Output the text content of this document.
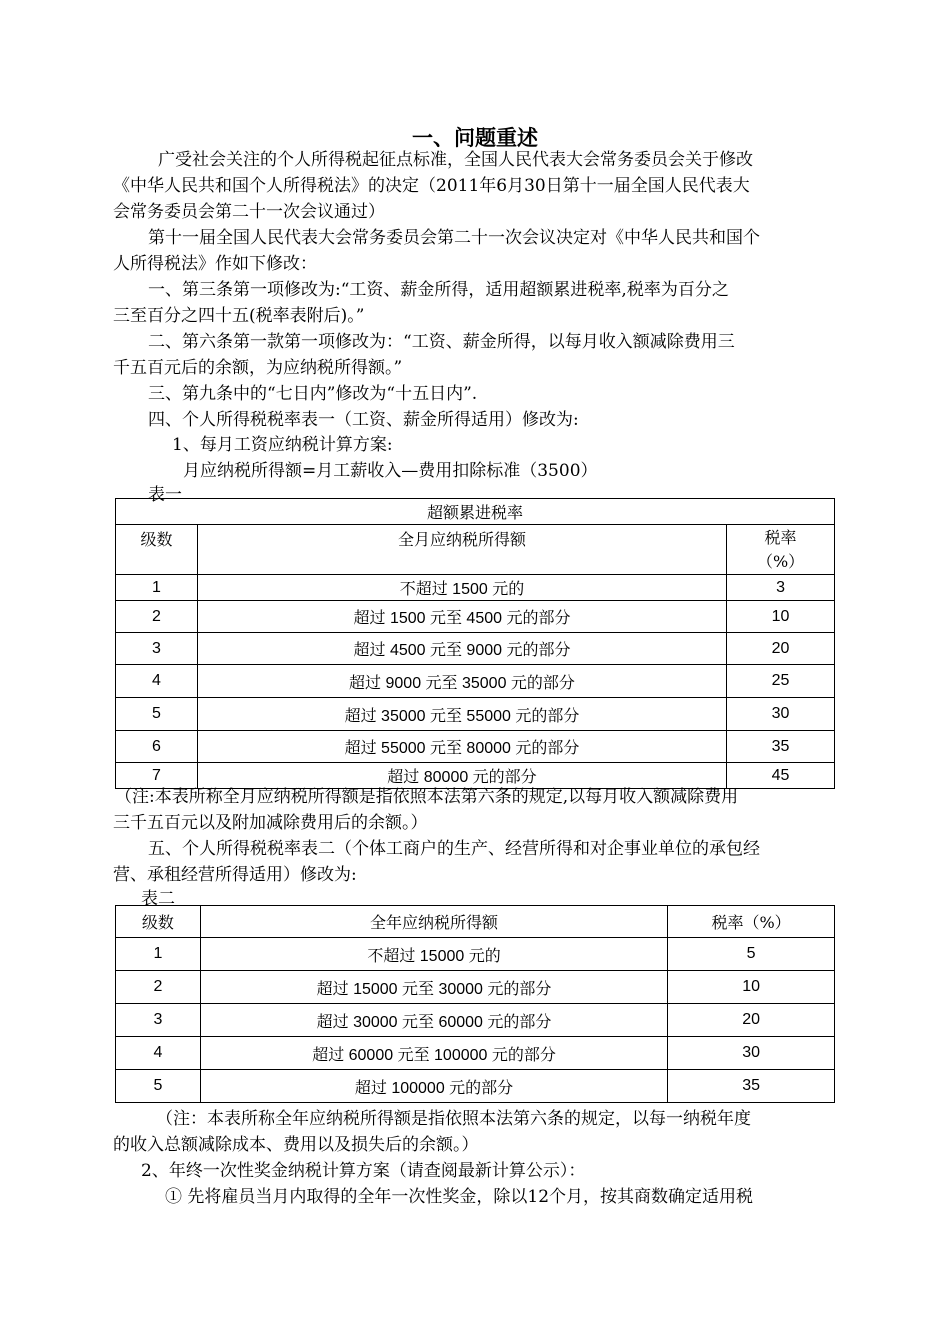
一、问题重述
广受社会关注的个人所得税起征点标准，全国人民代表大会常务委员会关于修改
《中华人民共和国个人所得税法》的决定（2011年6月30日第十一届全国人民代表大
会常务委员会第二十一次会议通过）
第十一届全国人民代表大会常务委员会第二十一次会议决定对《中华人民共和国个
人所得税法》作如下修改：
一、第三条第一项修改为:“工资、薪金所得，适用超额累进税率,税率为百分之
三至百分之四十五(税率表附后)。”
二、第六条第一款第一项修改为：“工资、薪金所得，以每月收入额减除费用三
千五百元后的余额，为应纳税所得额。”
三、第九条中的“七日内”修改为“十五日内”.
四、个人所得税税率表一（工资、薪金所得适用）修改为:
1、每月工资应纳税计算方案:
月应纳税所得额=月工薪收入—费用扣除标准（3500）
表一
超额累进税率		
级数	全月应纳税所得额	税率
（%）

1	不超过 1500 元的	3
2	超过 1500 元至 4500 元的部分	10
3	超过 4500 元至 9000 元的部分	20
4	超过 9000 元至 35000 元的部分	25
5	超过 35000 元至 55000 元的部分	30
6	超过 55000 元至 80000 元的部分	35
7	超过 80000 元的部分	45
（注:本表所称全月应纳税所得额是指依照本法第六条的规定,以每月收入额减除费用
三千五百元以及附加减除费用后的余额。）
五、个人所得税税率表二（个体工商户的生产、经营所得和对企事业单位的承包经
营、承租经营所得适用）修改为:
表二
级数	全年应纳税所得额	税率（%）
1	不超过 15000 元的	5
2	超过 15000 元至 30000 元的部分	10
3	超过 30000 元至 60000 元的部分	20
4	超过 60000 元至 100000 元的部分	30
5	超过 100000 元的部分	35
（注：本表所称全年应纳税所得额是指依照本法第六条的规定，以每一纳税年度
的收入总额减除成本、费用以及损失后的余额。）
2、年终一次性奖金纳税计算方案（请查阅最新计算公示）：
① 先将雇员当月内取得的全年一次性奖金，除以12个月，按其商数确定适用税
